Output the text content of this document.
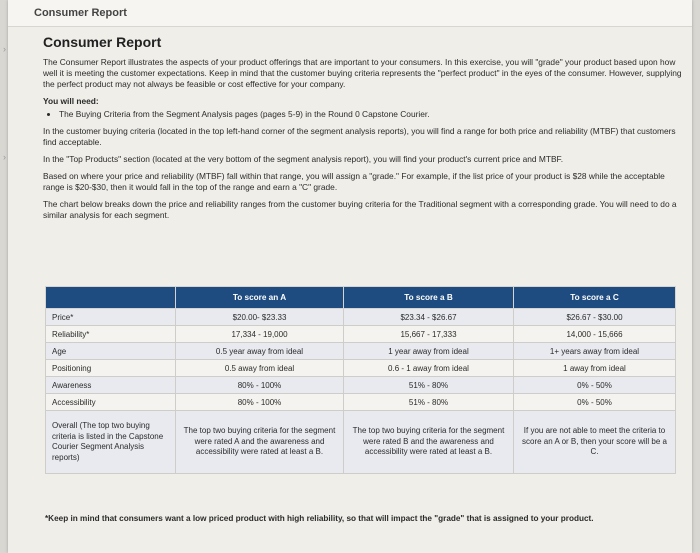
Consumer Report
›
›
Consumer Report

The Consumer Report illustrates the aspects of your product offerings that are important to your consumers. In this exercise, you will "grade" your product based upon how well it is meeting the customer expectations. Keep in mind that the customer buying criteria represents the "perfect product" in the eyes of the consumer. However, supplying the perfect product may not always be feasible or cost effective for your company.

You will need:

• The Buying Criteria from the Segment Analysis pages (pages 5-9) in the Round 0 Capstone Courier.

In the customer buying criteria (located in the top left-hand corner of the segment analysis reports), you will find a range for both price and reliability (MTBF) that customers find acceptable.

In the "Top Products" section (located at the very bottom of the segment analysis report), you will find your product's current price and MTBF.

Based on where your price and reliability (MTBF) fall within that range, you will assign a "grade." For example, if the list price of your product is $28 while the acceptable range is $20-$30, then it would fall in the top of the range and earn a "C" grade.

The chart below breaks down the price and reliability ranges from the customer buying criteria for the Traditional segment with a corresponding grade. You will need to do a similar analysis for each segment.

	To score an A	To score a B	To score a C
Price*	$20.00- $23.33	$23.34 - $26.67	$26.67 - $30.00
Reliability*	17,334 - 19,000	15,667 - 17,333	14,000 - 15,666
Age	0.5 year away from ideal	1 year away from ideal	1+ years away from ideal
Positioning	0.5 away from ideal	0.6 - 1 away from ideal	1 away from ideal
Awareness	80% - 100%	51% - 80%	0% - 50%
Accessibility	80% - 100%	51% - 80%	0% - 50%
Overall (The top two buying criteria is listed in the Capstone Courier Segment Analysis reports)	The top two buying criteria for the segment were rated A and the awareness and accessibility were rated at least a B.	The top two buying criteria for the segment were rated B and the awareness and accessibility were rated at least a B.	If you are not able to meet the criteria to score an A or B, then your score will be a C.
*Keep in mind that consumers want a low priced product with high reliability, so that will impact the "grade" that is assigned to your product.
